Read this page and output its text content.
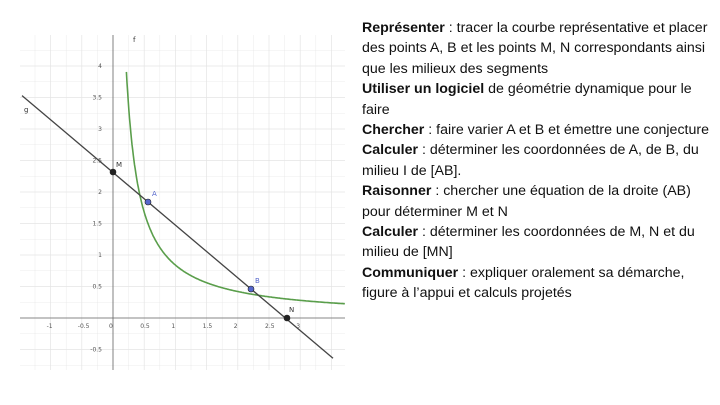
-1	-0.5	0	0.5	1	1.5	2	2.5	3
4
3.5
3
2.5
2
1.5
1
0.5
-0.5
f
g
A
B
M
N

Représenter : tracer la courbe représentative et placer des points A, B et les points M, N correspondants ainsi que les milieux des segments

Utiliser un logiciel de géométrie dynamique pour le faire

Chercher : faire varier A et B et émettre une conjecture

Calculer : déterminer les coordonnées de A, de B, du milieu I de [AB].

Raisonner : chercher une équation de la droite (AB) pour déterminer M et N

Calculer : déterminer les coordonnées de M, N et du milieu de [MN]

Communiquer : expliquer oralement sa démarche, figure à l’appui et calculs projetés
